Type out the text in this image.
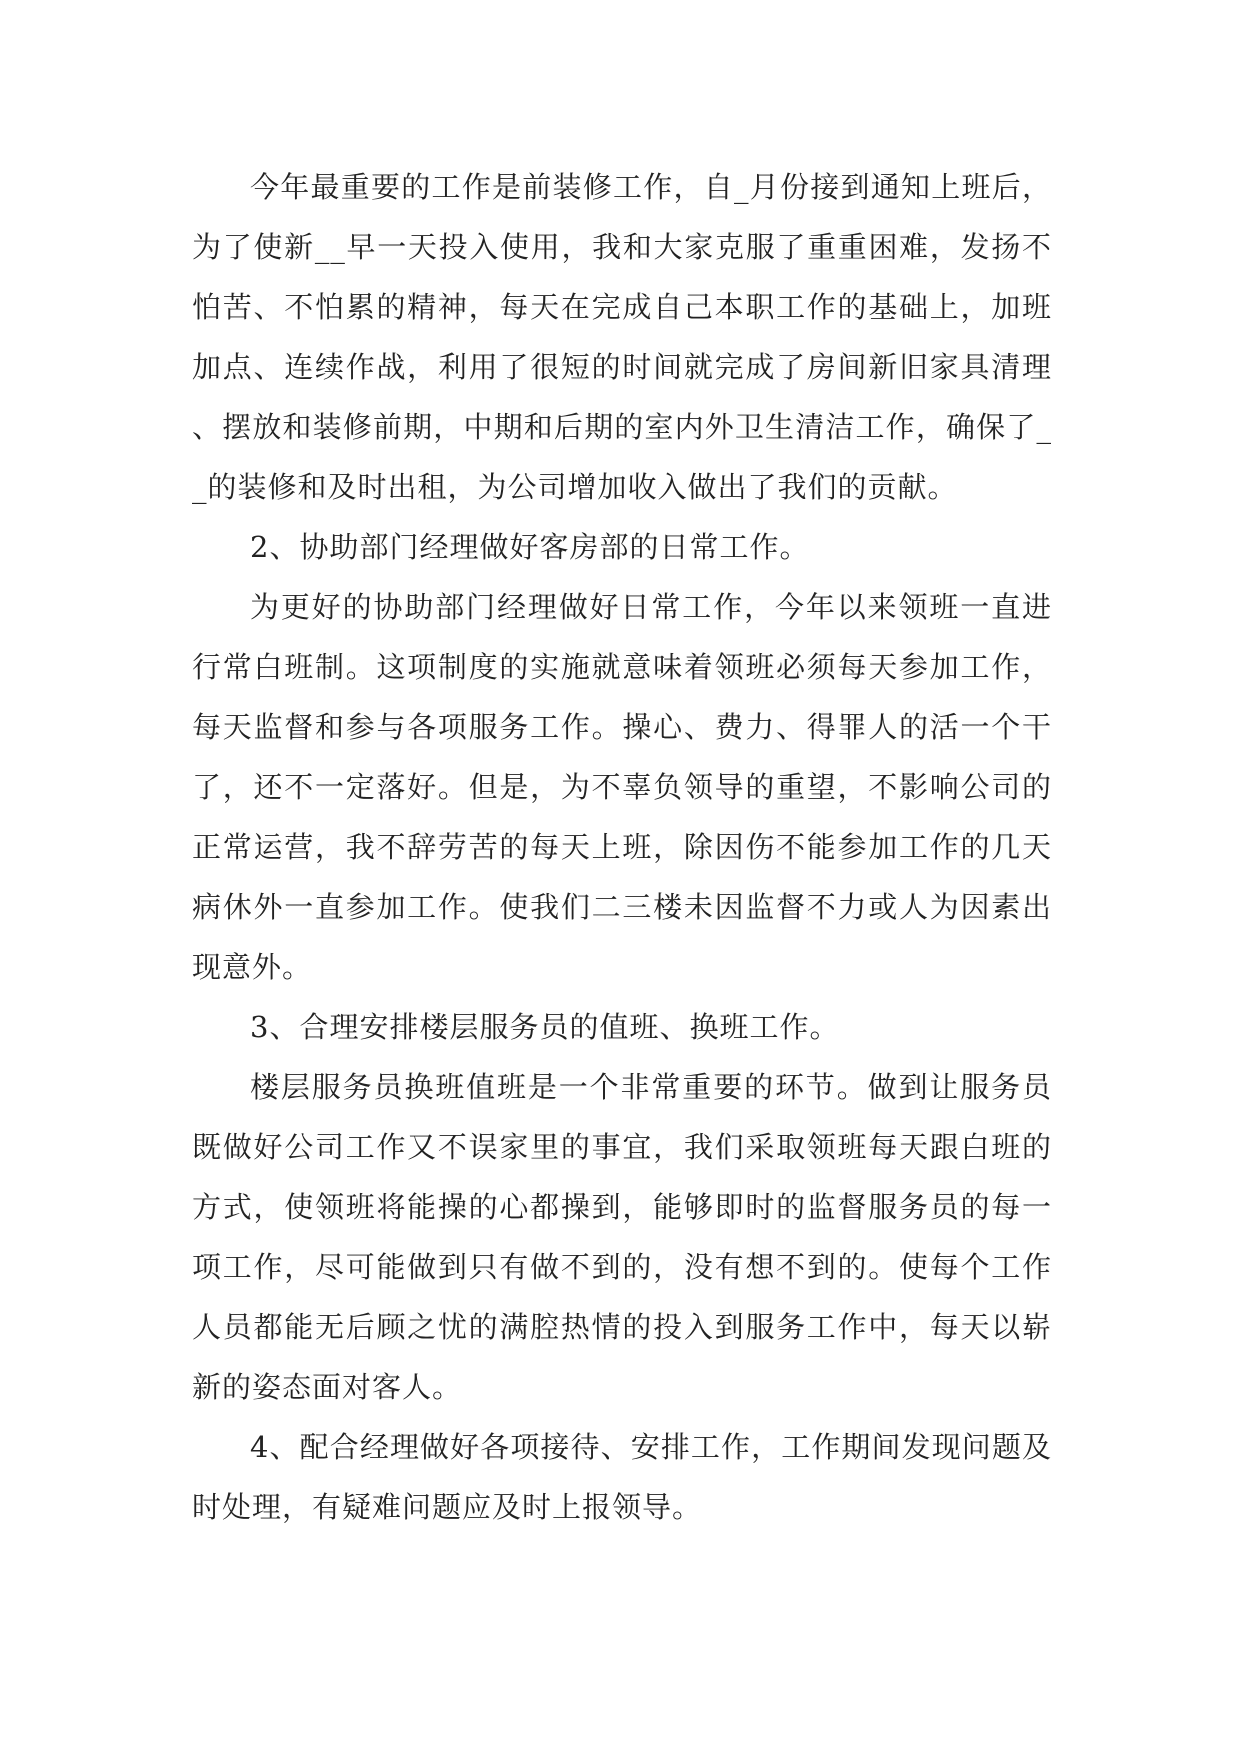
今年最重要的工作是前装修工作，自_月份接到通知上班后，为了使新__早一天投入使用，我和大家克服了重重困难，发扬不怕苦、不怕累的精神，每天在完成自己本职工作的基础上，加班加点、连续作战，利用了很短的时间就完成了房间新旧家具清理、摆放和装修前期，中期和后期的室内外卫生清洁工作，确保了__的装修和及时出租，为公司增加收入做出了我们的贡献。

2、协助部门经理做好客房部的日常工作。

为更好的协助部门经理做好日常工作，今年以来领班一直进行常白班制。这项制度的实施就意味着领班必须每天参加工作，每天监督和参与各项服务工作。操心、费力、得罪人的活一个干了，还不一定落好。但是，为不辜负领导的重望，不影响公司的正常运营，我不辞劳苦的每天上班，除因伤不能参加工作的几天病休外一直参加工作。使我们二三楼未因监督不力或人为因素出现意外。

3、合理安排楼层服务员的值班、换班工作。

楼层服务员换班值班是一个非常重要的环节。做到让服务员既做好公司工作又不误家里的事宜，我们采取领班每天跟白班的方式，使领班将能操的心都操到，能够即时的监督服务员的每一项工作，尽可能做到只有做不到的，没有想不到的。使每个工作人员都能无后顾之忧的满腔热情的投入到服务工作中，每天以崭新的姿态面对客人。

4、配合经理做好各项接待、安排工作，工作期间发现问题及时处理，有疑难问题应及时上报领导。
